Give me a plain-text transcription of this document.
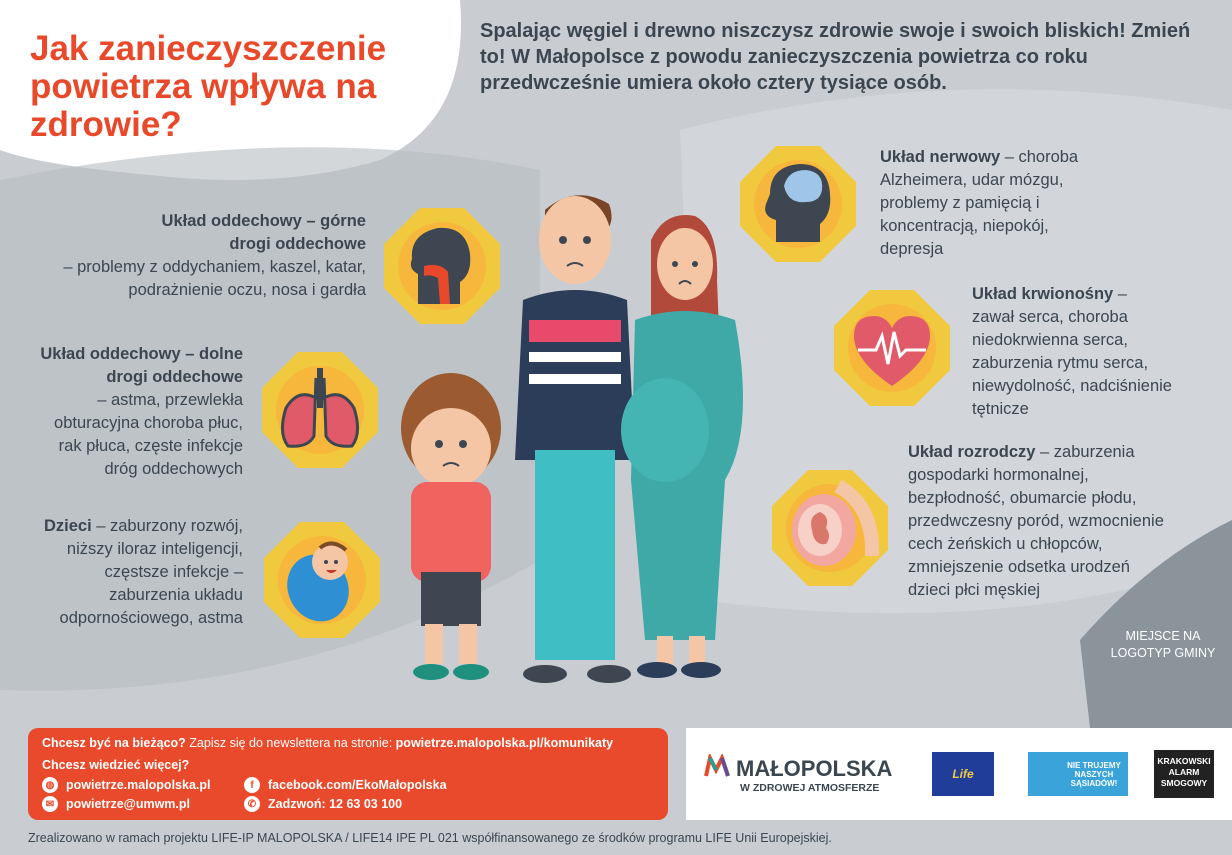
Jak zanieczyszczenie powietrza wpływa na zdrowie?
Spalając węgiel i drewno niszczysz zdrowie swoje i swoich bliskich! Zmień to! W Małopolsce z powodu zanieczyszczenia powietrza co roku przedwcześnie umiera około cztery tysiące osób.
Układ oddechowy – górne drogi oddechowe
– problemy z oddychaniem, kaszel, katar, podrażnienie oczu, nosa i gardła
Układ oddechowy – dolne drogi oddechowe
– astma, przewlekła obturacyjna choroba płuc, rak płuca, częste infekcje dróg oddechowych
Dzieci – zaburzony rozwój, niższy iloraz inteligencji, częstsze infekcje – zaburzenia układu odpornościowego, astma
Układ nerwowy – choroba Alzheimera, udar mózgu, problemy z pamięcią i koncentracją, niepokój, depresja
Układ krwionośny – zawał serca, choroba niedokrwienna serca, zaburzenia rytmu serca, niewydolność, nadciśnienie tętnicze
Układ rozrodczy – zaburzenia gospodarki hormonalnej, bezpłodność, obumarcie płodu, przedwczesny poród, wzmocnienie cech żeńskich u chłopców, zmniejszenie odsetka urodzeń dzieci płci męskiej
MIEJSCE NA LOGOTYP GMINY
Chcesz być na bieżąco? Zapisz się do newslettera na stronie: powietrze.malopolska.pl/komunikaty
Chcesz wiedzieć więcej?
◍ powietrze.malopolska.pl
✉ powietrze@umwm.pl
f	facebook.com/EkoMałopolska
✆ Zadzwoń: 12 63 03 100
MAŁOPOLSKA
W ZDROWEJ ATMOSFERZE
Life
NIE TRUJEMY NASZYCH SĄSIADÓW!
KRAKOWSKI ALARM SMOGOWY
Zrealizowano w ramach projektu LIFE-IP MALOPOLSKA / LIFE14 IPE PL 021 współfinansowanego ze środków programu LIFE Unii Europejskiej.
